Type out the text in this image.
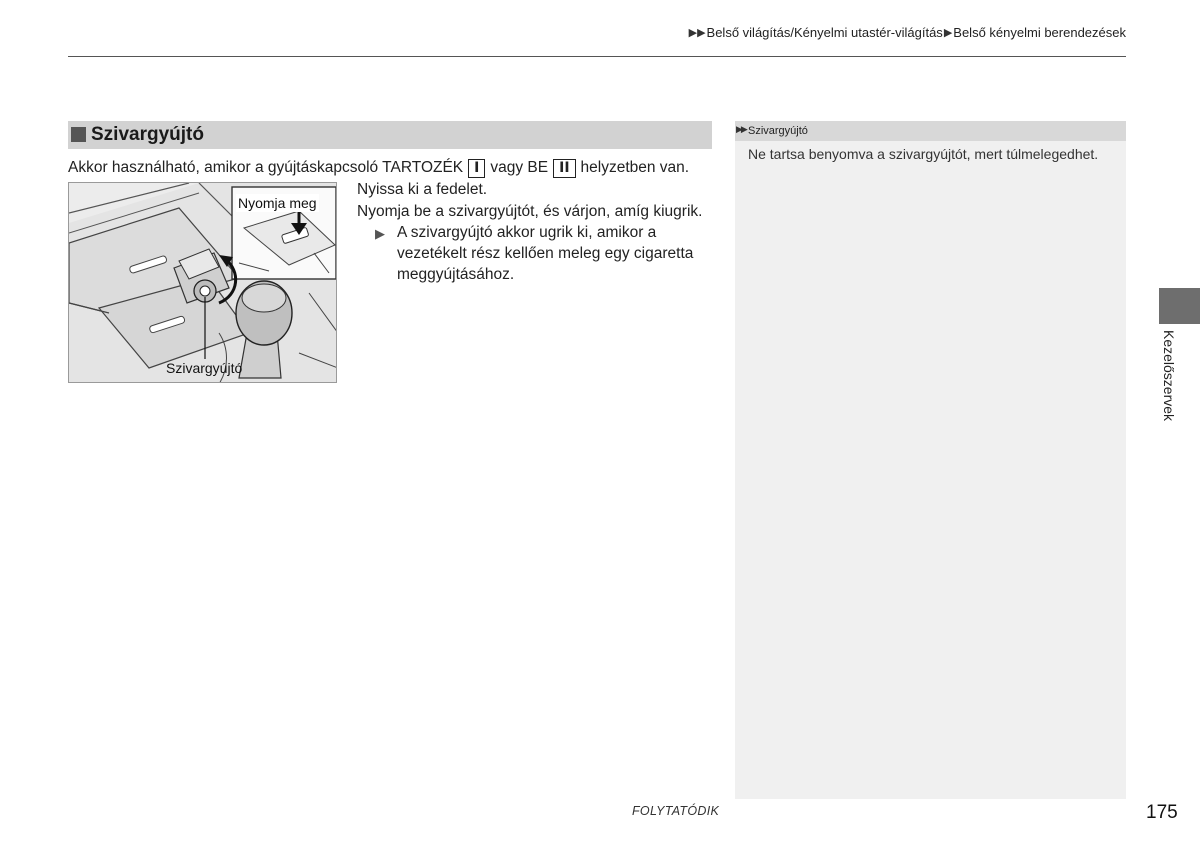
▶▶ Belső világítás/Kényelmi utastér-világítás ▶ Belső kényelmi berendezések
Szivargyújtó
Akkor használható, amikor a gyújtáskapcsoló TARTOZÉK I vagy BE II helyzetben van.
Nyomja meg
Szivargyújtó
Nyissa ki a fedelet.
Nyomja be a szivargyújtót, és várjon, amíg kiugrik.
▶ A szivargyújtó akkor ugrik ki, amikor a
vezetékelt rész kellően meleg egy cigaretta
meggyújtásához.
▶▶ Szivargyújtó
Ne tartsa benyomva a szivargyújtót, mert túlmelegedhet.
Kezelőszervek
FOLYTATÓDIK	175
